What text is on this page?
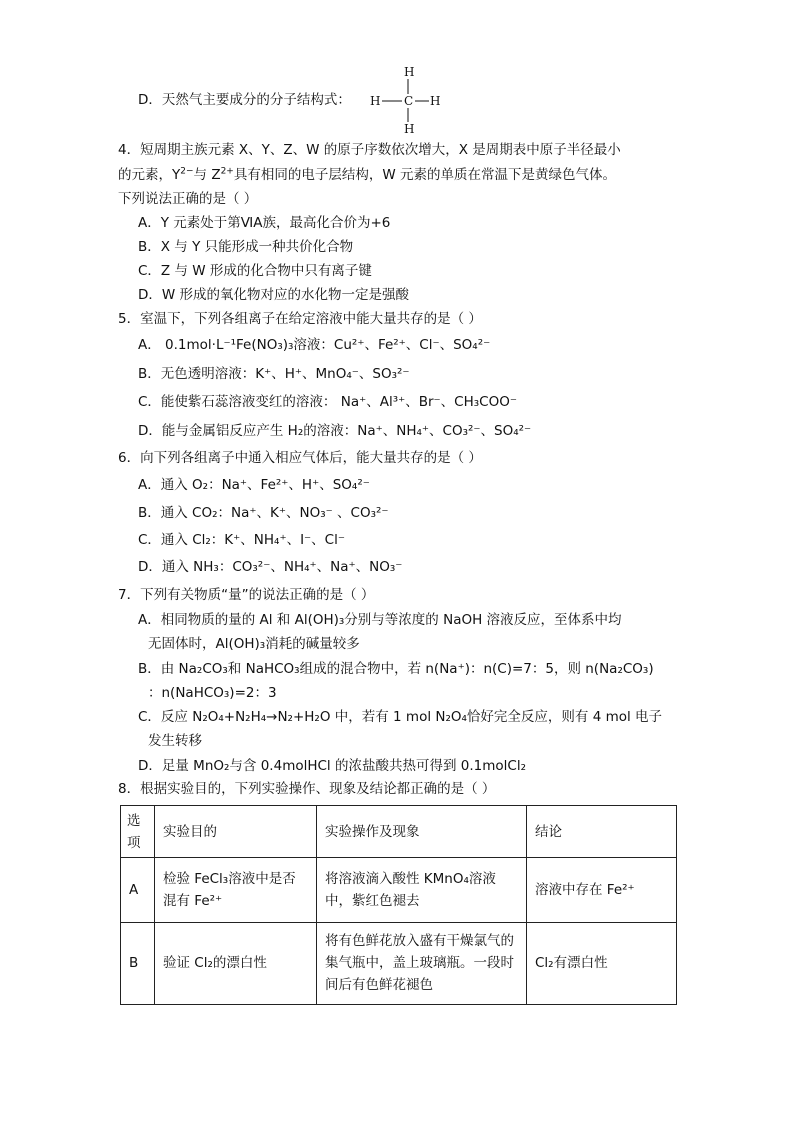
D．天然气主要成分的分子结构式：
H
H C H
H
4．短周期主族元素 X、Y、Z、W 的原子序数依次增大，X 是周期表中原子半径最小
的元素，$Y^{2-}$与 $Z^{2+}$具有相同的电子层结构，W 元素的单质在常温下是黄绿色气体。
下列说法正确的是（ ）
A．Y 元素处于第ⅥA族，最高化合价为+6
B．X 与 Y 只能形成一种共价化合物
C．Z 与 W 形成的化合物中只有离子键
D．W 形成的氧化物对应的水化物一定是强酸
5．室温下，下列各组离子在给定溶液中能大量共存的是（ ）
A． 0.1mol·L⁻¹Fe(NO₃)₃溶液：Cu²⁺、Fe²⁺、Cl⁻、SO₄²⁻
B．无色透明溶液：K⁺、H⁺、MnO₄⁻、SO₃²⁻
C．能使紫石蕊溶液变红的溶液： Na⁺、Al³⁺、Br⁻、CH₃COO⁻
D．能与金属铝反应产生 H₂的溶液：Na⁺、NH₄⁺、CO₃²⁻、SO₄²⁻
6．向下列各组离子中通入相应气体后，能大量共存的是（ ）
A．通入 O₂：Na⁺、Fe²⁺、H⁺、SO₄²⁻
B．通入 CO₂：Na⁺、K⁺、NO₃⁻ 、CO₃²⁻
C．通入 Cl₂：K⁺、NH₄⁺、I⁻、Cl⁻
D．通入 NH₃：CO₃²⁻、NH₄⁺、Na⁺、NO₃⁻
7．下列有关物质“量”的说法正确的是（ ）
A．相同物质的量的 Al 和 Al(OH)₃分别与等浓度的 NaOH 溶液反应，至体系中均
无固体时，Al(OH)₃消耗的碱量较多
B．由 Na₂CO₃和 NaHCO₃组成的混合物中，若 n(Na⁺)：n(C)=7：5，则 n(Na₂CO₃)
：n(NaHCO₃)=2：3
C．反应 N₂O₄+N₂H₄→N₂+H₂O 中，若有 1 mol N₂O₄恰好完全反应，则有 4 mol 电子
发生转移
D．足量 MnO₂与含 0.4molHCl 的浓盐酸共热可得到 0.1molCl₂
8．根据实验目的，下列实验操作、现象及结论都正确的是（ ）
选项	实验目的	实验操作及现象	结论
A	检验 FeCl₃溶液中是否混有 Fe²⁺	将溶液滴入酸性 KMnO₄溶液中，紫红色褪去	溶液中存在 Fe²⁺
B	验证 Cl₂的漂白性	将有色鲜花放入盛有干燥氯气的集气瓶中，盖上玻璃瓶。一段时间后有色鲜花褪色	Cl₂有漂白性
